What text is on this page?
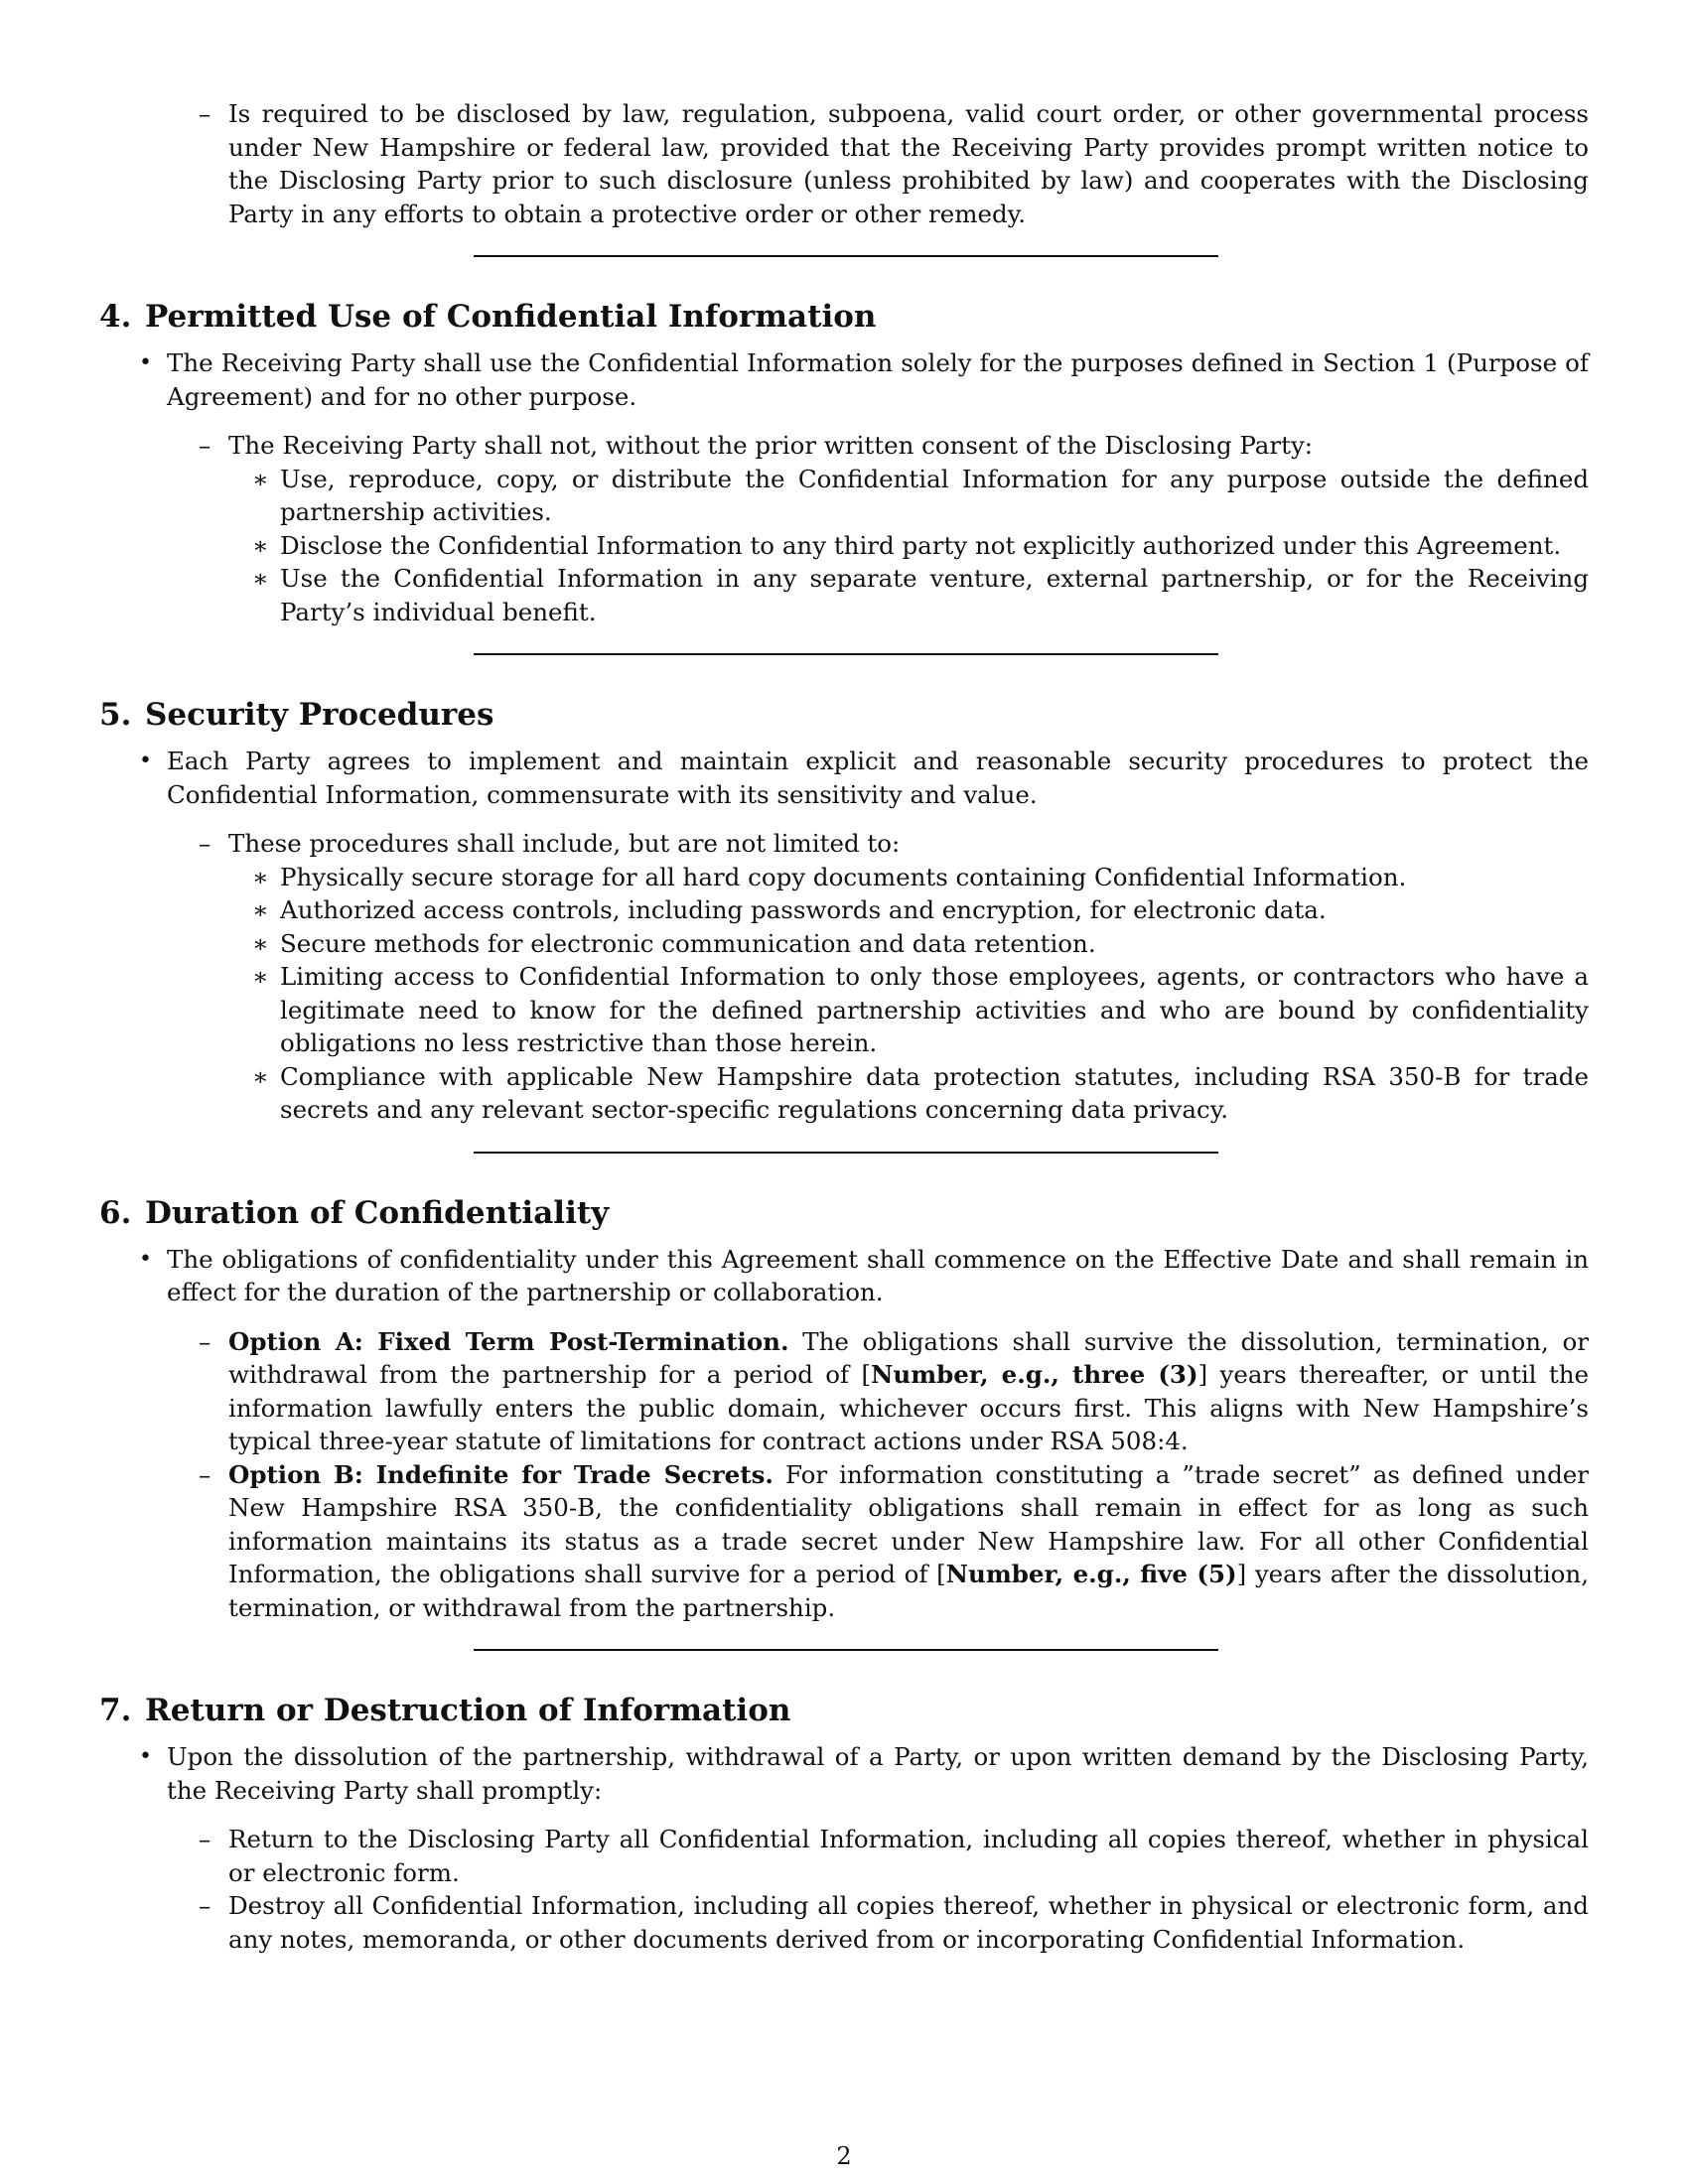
– Is required to be disclosed by law, regulation, subpoena, valid court order, or other governmental process under New Hampshire or federal law, provided that the Receiving Party provides prompt written notice to the Disclosing Party prior to such disclosure (unless prohibited by law) and cooperates with the Disclosing Party in any efforts to obtain a protective order or other remedy.

4. Permitted Use of Confidential Information

• The Receiving Party shall use the Confidential Information solely for the purposes defined in Section 1 (Purpose of Agreement) and for no other purpose.

– The Receiving Party shall not, without the prior written consent of the Disclosing Party:

∗ Use, reproduce, copy, or distribute the Confidential Information for any purpose outside the defined partnership activities.

∗ Disclose the Confidential Information to any third party not explicitly authorized under this Agreement.

∗ Use the Confidential Information in any separate venture, external partnership, or for the Receiving Party’s individual benefit.

5. Security Procedures

• Each Party agrees to implement and maintain explicit and reasonable security procedures to protect the Confidential Information, commensurate with its sensitivity and value.

– These procedures shall include, but are not limited to:

∗ Physically secure storage for all hard copy documents containing Confidential Information.

∗ Authorized access controls, including passwords and encryption, for electronic data.

∗ Secure methods for electronic communication and data retention.

∗ Limiting access to Confidential Information to only those employees, agents, or contractors who have a legitimate need to know for the defined partnership activities and who are bound by confidentiality obligations no less restrictive than those herein.

∗ Compliance with applicable New Hampshire data protection statutes, including RSA 350-B for trade secrets and any relevant sector-specific regulations concerning data privacy.

6. Duration of Confidentiality

• The obligations of confidentiality under this Agreement shall commence on the Effective Date and shall remain in effect for the duration of the partnership or collaboration.

– Option A: Fixed Term Post-Termination. The obligations shall survive the dissolution, termination, or withdrawal from the partnership for a period of [Number, e.g., three (3)] years thereafter, or until the information lawfully enters the public domain, whichever occurs first. This aligns with New Hampshire’s typical three-year statute of limitations for contract actions under RSA 508:4.

– Option B: Indefinite for Trade Secrets. For information constituting a ”trade secret” as defined under New Hampshire RSA 350-B, the confidentiality obligations shall remain in effect for as long as such information maintains its status as a trade secret under New Hampshire law. For all other Confidential Information, the obligations shall survive for a period of [Number, e.g., five (5)] years after the dissolution, termination, or withdrawal from the partnership.

7. Return or Destruction of Information

• Upon the dissolution of the partnership, withdrawal of a Party, or upon written demand by the Disclosing Party, the Receiving Party shall promptly:

– Return to the Disclosing Party all Confidential Information, including all copies thereof, whether in physical or electronic form.

– Destroy all Confidential Information, including all copies thereof, whether in physical or electronic form, and any notes, memoranda, or other documents derived from or incorporating Confidential Information.

2
